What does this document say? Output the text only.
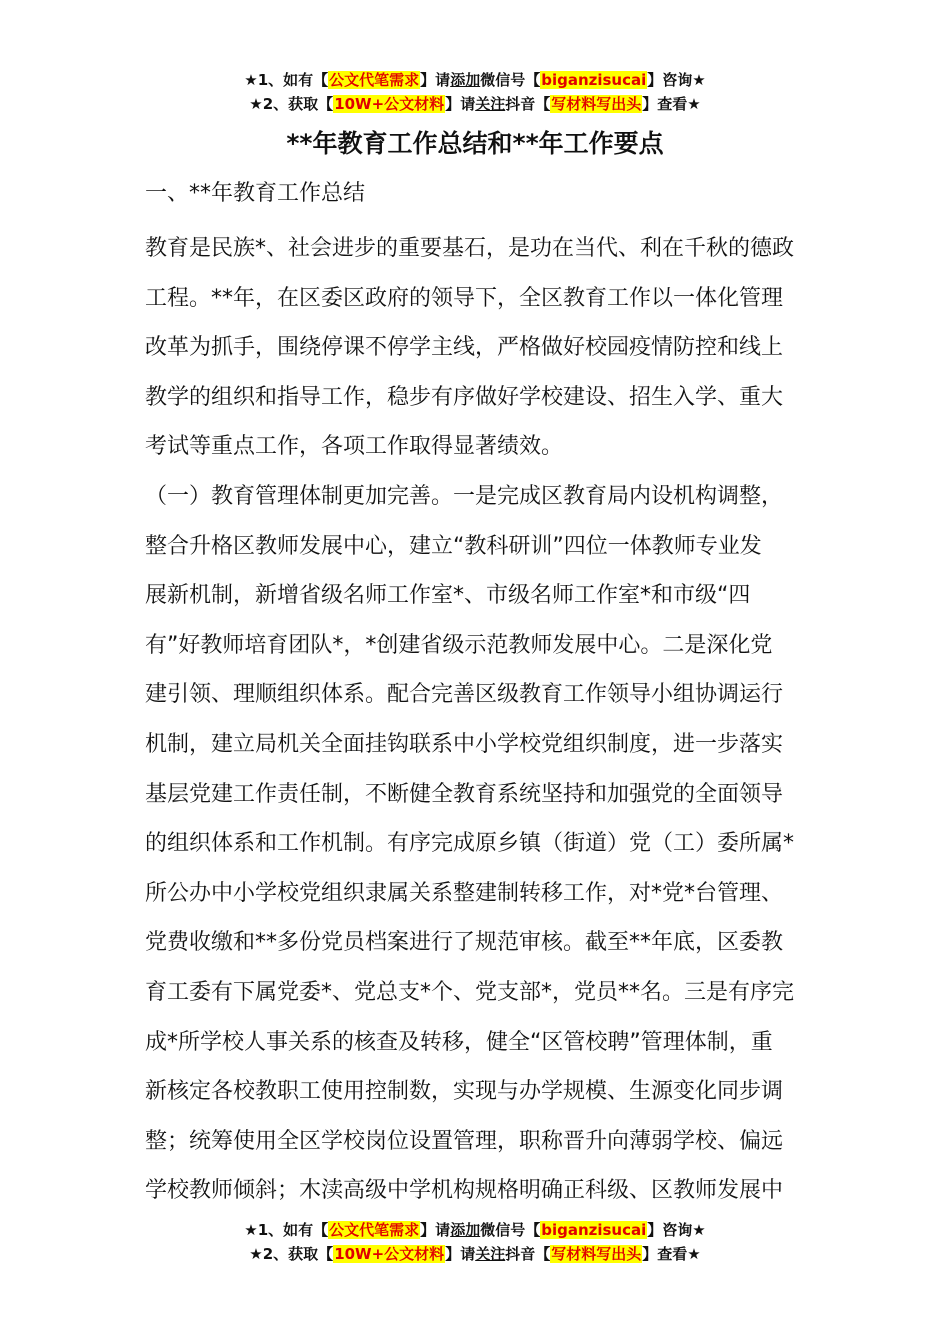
★1、如有【公文代笔需求】请添加微信号【biganzisucai】咨询★
★2、获取【10W+公文材料】请关注抖音【写材料写出头】查看★
**年教育工作总结和**年工作要点
一、**年教育工作总结
教育是民族*、社会进步的重要基石，是功在当代、利在千秋的德政
工程。**年，在区委区政府的领导下，全区教育工作以一体化管理
改革为抓手，围绕停课不停学主线，严格做好校园疫情防控和线上
教学的组织和指导工作，稳步有序做好学校建设、招生入学、重大
考试等重点工作，各项工作取得显著绩效。
（一）教育管理体制更加完善。一是完成区教育局内设机构调整，
整合升格区教师发展中心，建立“教科研训”四位一体教师专业发
展新机制，新增省级名师工作室*、市级名师工作室*和市级“四
有”好教师培育团队*，*创建省级示范教师发展中心。二是深化党
建引领、理顺组织体系。配合完善区级教育工作领导小组协调运行
机制，建立局机关全面挂钩联系中小学校党组织制度，进一步落实
基层党建工作责任制，不断健全教育系统坚持和加强党的全面领导
的组织体系和工作机制。有序完成原乡镇（街道）党（工）委所属*
所公办中小学校党组织隶属关系整建制转移工作，对*党*台管理、
党费收缴和**多份党员档案进行了规范审核。截至**年底，区委教
育工委有下属党委*、党总支*个、党支部*，党员**名。三是有序完
成*所学校人事关系的核查及转移，健全“区管校聘”管理体制，重
新核定各校教职工使用控制数，实现与办学规模、生源变化同步调
整；统筹使用全区学校岗位设置管理，职称晋升向薄弱学校、偏远
学校教师倾斜；木渎高级中学机构规格明确正科级、区教师发展中
★1、如有【公文代笔需求】请添加微信号【biganzisucai】咨询★
★2、获取【10W+公文材料】请关注抖音【写材料写出头】查看★
